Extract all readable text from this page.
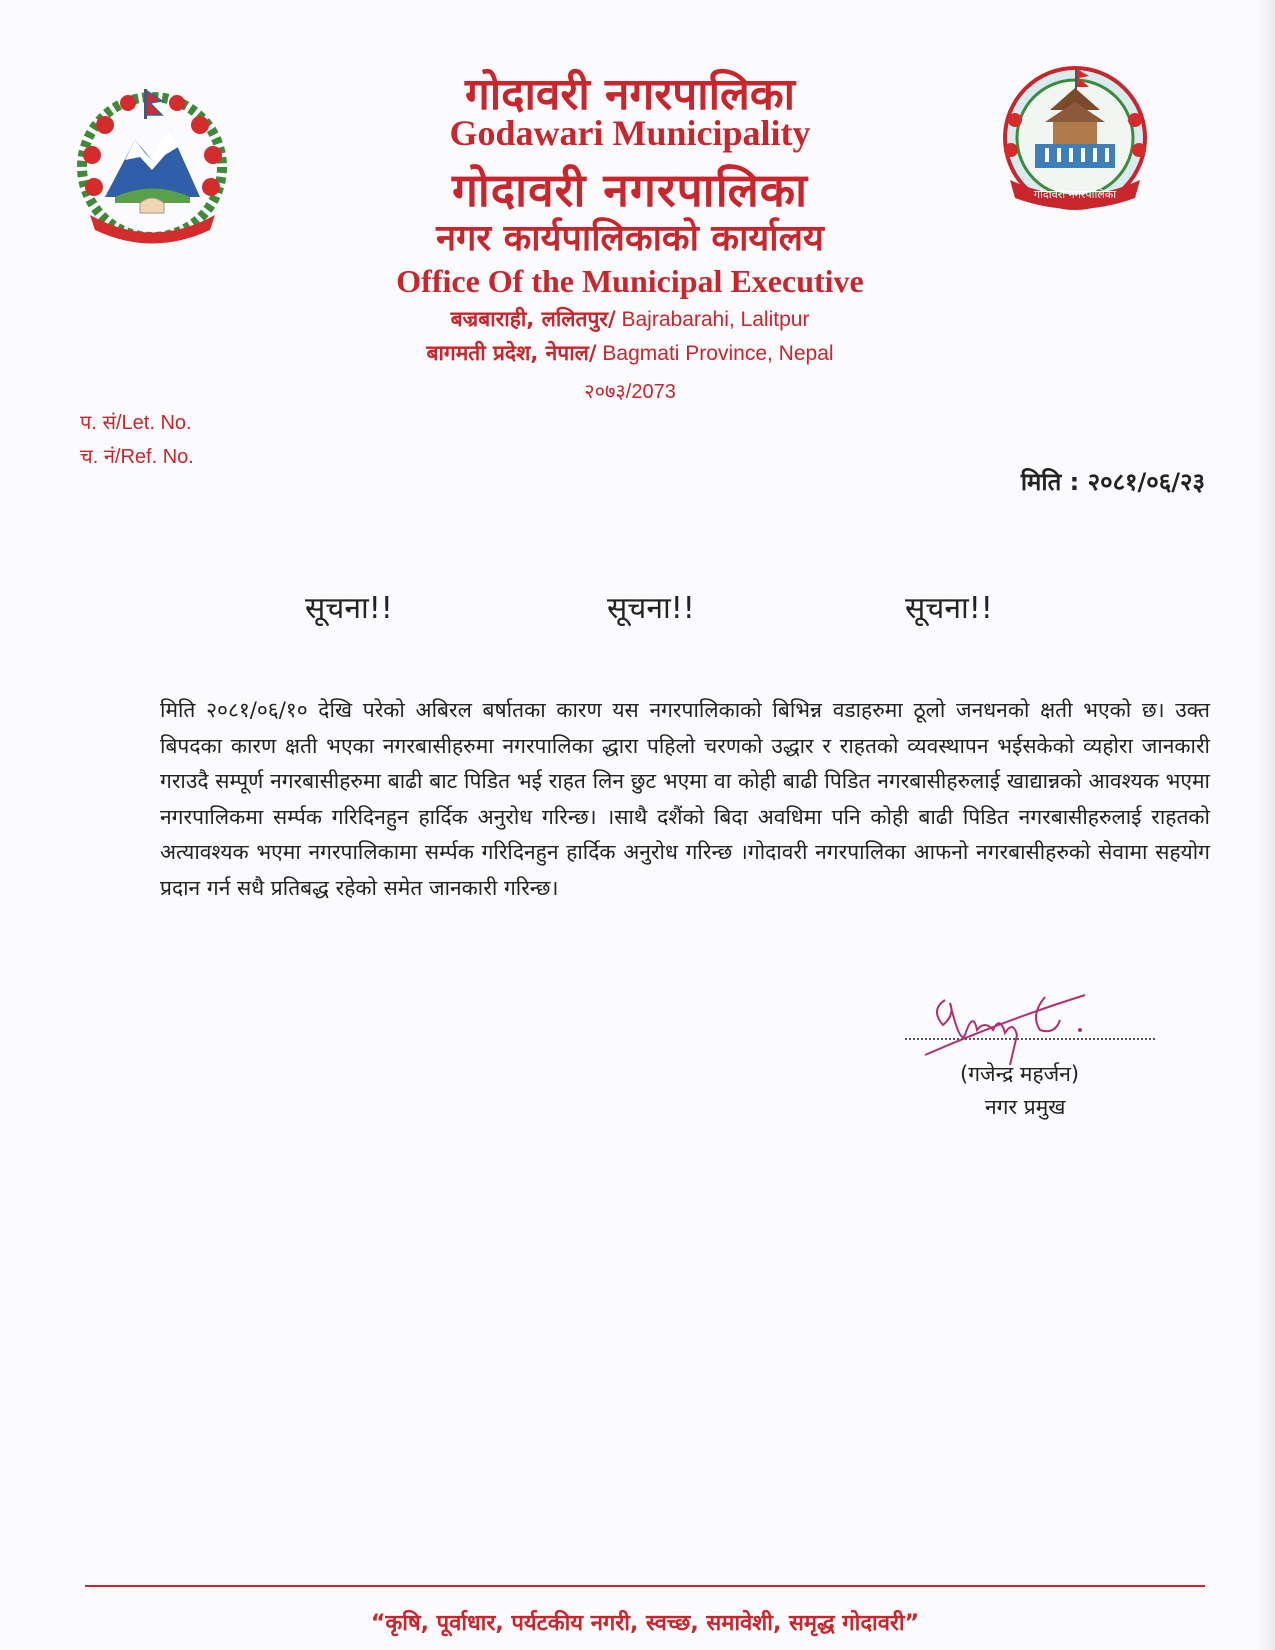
गोदावरी नगरपालिका
गोदावरी नगरपालिका
Godawari Municipality
गोदावरी नगरपालिका
नगर कार्यपालिकाको कार्यालय
Office Of the Municipal Executive
बज्रबाराही, ललितपुर/ Bajrabarahi, Lalitpur
बागमती प्रदेश, नेपाल/ Bagmati Province, Nepal
२०७३/2073
प. सं/Let. No.
च. नं/Ref. No.
मिति : २०८१/०६/२३
सूचना!!	सूचना!!	सूचना!!
मिति २०८१/०६/१० देखि परेको अबिरल बर्षातका कारण यस नगरपालिकाको बिभिन्न वडाहरुमा ठूलो जनधनको क्षती भएको छ। उक्त बिपदका कारण क्षती भएका नगरबासीहरुमा नगरपालिका द्धारा पहिलो चरणको उद्धार र राहतको व्यवस्थापन भईसकेको व्यहोरा जानकारी गराउदै सम्पूर्ण नगरबासीहरुमा बाढी बाट पिडित भई राहत लिन छुट भएमा वा कोही बाढी पिडित नगरबासीहरुलाई खाद्यान्नको आवश्यक भएमा नगरपालिकमा सर्म्पक गरिदिनहुन हार्दिक अनुरोध गरिन्छ। ।साथै दशैंको बिदा अवधिमा पनि कोही बाढी पिडित नगरबासीहरुलाई राहतको अत्यावश्यक भएमा नगरपालिकामा सर्म्पक गरिदिनहुन हार्दिक अनुरोध गरिन्छ ।गोदावरी नगरपालिका आफनो नगरबासीहरुको सेवामा सहयोग प्रदान गर्न सधै प्रतिबद्ध रहेको समेत जानकारी गरिन्छ।
(गजेन्द्र महर्जन)
नगर प्रमुख
“कृषि, पूर्वाधार, पर्यटकीय नगरी, स्वच्छ, समावेशी, समृद्ध गोदावरी”
